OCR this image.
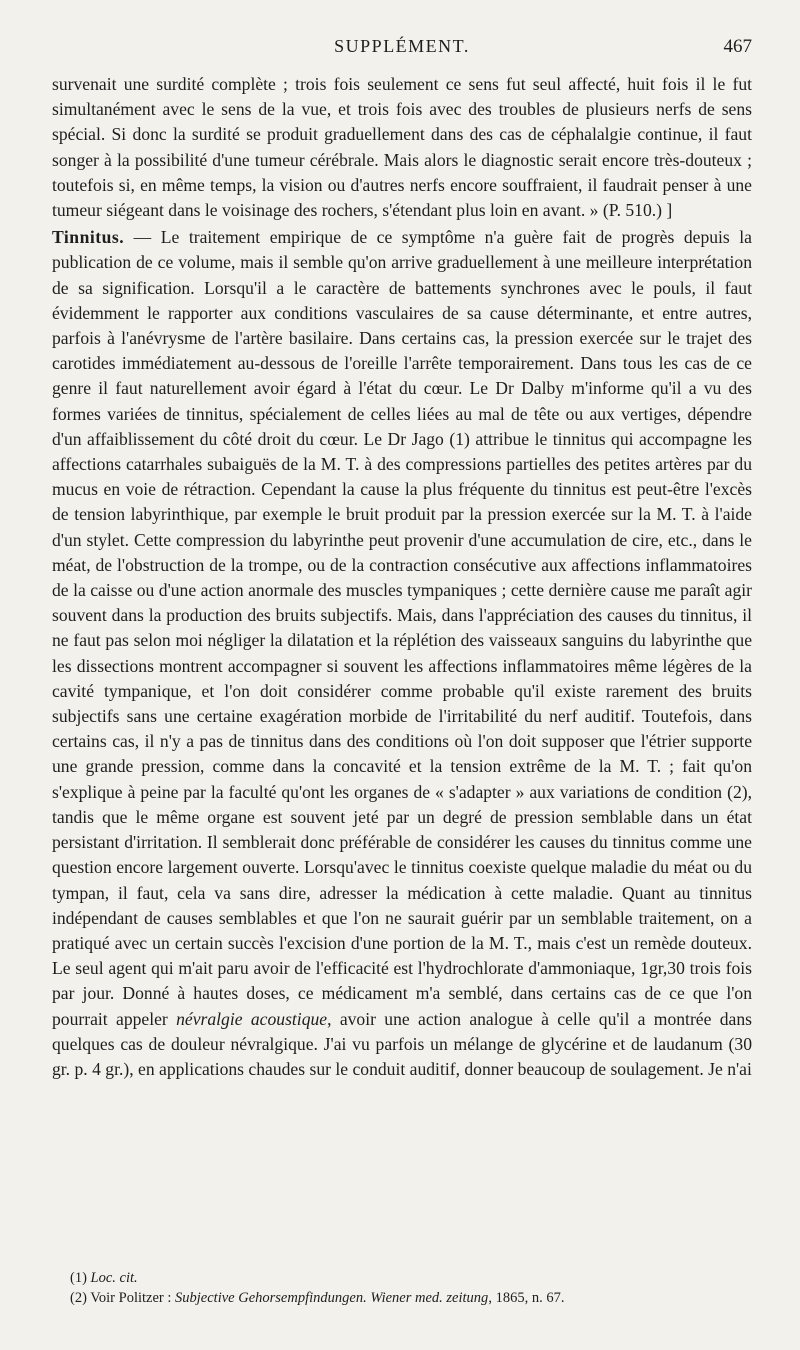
SUPPLÉMENT.	467

survenait une surdité complète ; trois fois seulement ce sens fut seul affecté, huit fois il le fut simultanément avec le sens de la vue, et trois fois avec des troubles de plusieurs nerfs de sens spécial. Si donc la surdité se produit graduellement dans des cas de céphalalgie continue, il faut songer à la possibilité d'une tumeur cérébrale. Mais alors le diagnostic serait encore très-douteux ; toutefois si, en même temps, la vision ou d'autres nerfs encore souffraient, il faudrait penser à une tumeur siégeant dans le voisinage des rochers, s'étendant plus loin en avant. » (P. 510.) ]

Tinnitus. — Le traitement empirique de ce symptôme n'a guère fait de progrès depuis la publication de ce volume, mais il semble qu'on arrive graduellement à une meilleure interprétation de sa signification. Lorsqu'il a le caractère de battements synchrones avec le pouls, il faut évidemment le rapporter aux conditions vasculaires de sa cause déterminante, et entre autres, parfois à l'anévrysme de l'artère basilaire. Dans certains cas, la pression exercée sur le trajet des carotides immédiatement au-dessous de l'oreille l'arrête temporairement. Dans tous les cas de ce genre il faut naturellement avoir égard à l'état du cœur. Le Dr Dalby m'informe qu'il a vu des formes variées de tinnitus, spécialement de celles liées au mal de tête ou aux vertiges, dépendre d'un affaiblissement du côté droit du cœur. Le Dr Jago (1) attribue le tinnitus qui accompagne les affections catarrhales subaiguës de la M. T. à des compressions partielles des petites artères par du mucus en voie de rétraction. Cependant la cause la plus fréquente du tinnitus est peut-être l'excès de tension labyrinthique, par exemple le bruit produit par la pression exercée sur la M. T. à l'aide d'un stylet. Cette compression du labyrinthe peut provenir d'une accumulation de cire, etc., dans le méat, de l'obstruction de la trompe, ou de la contraction consécutive aux affections inflammatoires de la caisse ou d'une action anormale des muscles tympaniques ; cette dernière cause me paraît agir souvent dans la production des bruits subjectifs. Mais, dans l'appréciation des causes du tinnitus, il ne faut pas selon moi négliger la dilatation et la réplétion des vaisseaux sanguins du labyrinthe que les dissections montrent accompagner si souvent les affections inflammatoires même légères de la cavité tympanique, et l'on doit considérer comme probable qu'il existe rarement des bruits subjectifs sans une certaine exagération morbide de l'irritabilité du nerf auditif. Toutefois, dans certains cas, il n'y a pas de tinnitus dans des conditions où l'on doit supposer que l'étrier supporte une grande pression, comme dans la concavité et la tension extrême de la M. T. ; fait qu'on s'explique à peine par la faculté qu'ont les organes de « s'adapter » aux variations de condition (2), tandis que le même organe est souvent jeté par un degré de pression semblable dans un état persistant d'irritation. Il semblerait donc préférable de considérer les causes du tinnitus comme une question encore largement ouverte. Lorsqu'avec le tinnitus coexiste quelque maladie du méat ou du tympan, il faut, cela va sans dire, adresser la médication à cette maladie. Quant au tinnitus indépendant de causes semblables et que l'on ne saurait guérir par un semblable traitement, on a pratiqué avec un certain succès l'excision d'une portion de la M. T., mais c'est un remède douteux. Le seul agent qui m'ait paru avoir de l'efficacité est l'hydrochlorate d'ammoniaque, 1gr,30 trois fois par jour. Donné à hautes doses, ce médicament m'a semblé, dans certains cas de ce que l'on pourrait appeler névralgie acoustique, avoir une action analogue à celle qu'il a montrée dans quelques cas de douleur névralgique. J'ai vu parfois un mélange de glycérine et de laudanum (30 gr. p. 4 gr.), en applications chaudes sur le conduit auditif, donner beaucoup de soulagement. Je n'ai

(1) Loc. cit.
(2) Voir Politzer : Subjective Gehorsempfindungen. Wiener med. zeitung, 1865, n. 67.
